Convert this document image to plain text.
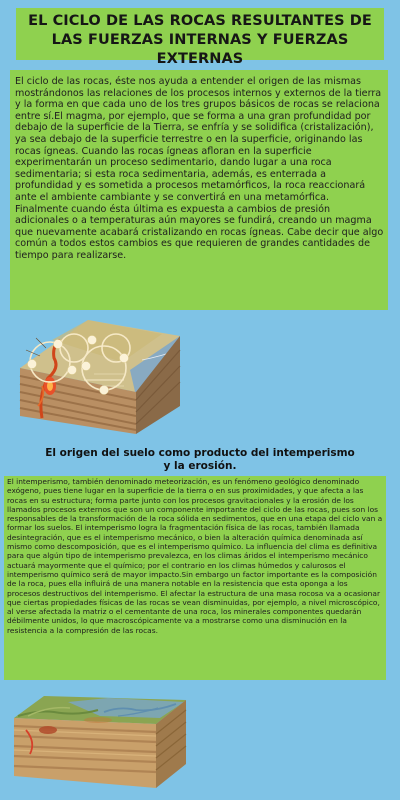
EL CICLO DE LAS ROCAS RESULTANTES DE LAS FUERZAS INTERNAS Y FUERZAS EXTERNAS

El ciclo de las rocas, éste nos ayuda a entender el origen de las mismas mostrándonos las relaciones de los procesos internos y externos de la tierra y la forma en que cada uno de los tres grupos básicos de rocas se relaciona entre sí.El magma, por ejemplo, que se forma a una gran profundidad por debajo de la superficie de la Tierra, se enfría y se solidifica (cristalización), ya sea debajo de la superficie terrestre o en la superficie, originando las rocas ígneas. Cuando las rocas ígneas afloran en la superficie experimentarán un proceso sedimentario, dando lugar a una roca sedimentaria; si esta roca sedimentaria, además, es enterrada a profundidad y es sometida a procesos metamórficos, la roca reaccionará ante el ambiente cambiante y se convertirá en una metamórfica. Finalmente cuando ésta última es expuesta a cambios de presión adicionales o a temperaturas aún mayores se fundirá, creando un magma que nuevamente acabará cristalizando en rocas ígneas. Cabe decir que algo común a todos estos cambios es que requieren de grandes cantidades de tiempo para realizarse.

El origen del suelo como producto del intemperismo y la erosión.

El intemperismo, también denominado meteorización, es un fenómeno geológico denominado exógeno, pues tiene lugar en la superficie de la tierra o en sus proximidades, y que afecta a las rocas en su estructura; forma parte junto con los procesos gravitacionales y la erosión de los llamados procesos externos que son un componente importante del ciclo de las rocas, pues son los responsables de la transformación de la roca sólida en sedimentos, que en una etapa del ciclo van a formar los suelos. El intemperismo logra la fragmentación física de las rocas, también llamada desintegración, que es el intemperismo mecánico, o bien la alteración química denominada así mismo como descomposición, que es el intemperismo químico. La influencia del clima es definitiva para que algún tipo de intemperismo prevalezca, en los climas áridos el intemperismo mecánico actuará mayormente que el químico; por el contrario en los climas húmedos y calurosos el intemperismo químico será de mayor impacto.Sin embargo un factor importante es la composición de la roca, pues ella influirá de una manera notable en la resistencia que esta oponga a los procesos destructivos del intemperismo. El afectar la estructura de una masa rocosa va a ocasionar que ciertas propiedades físicas de las rocas se vean disminuidas, por ejemplo, a nivel microscópico, al verse afectada la matriz o el cementante de una roca, los minerales componentes quedarán débilmente unidos, lo que macroscópicamente va a mostrarse como una disminución en la resistencia a la compresión de las rocas.
